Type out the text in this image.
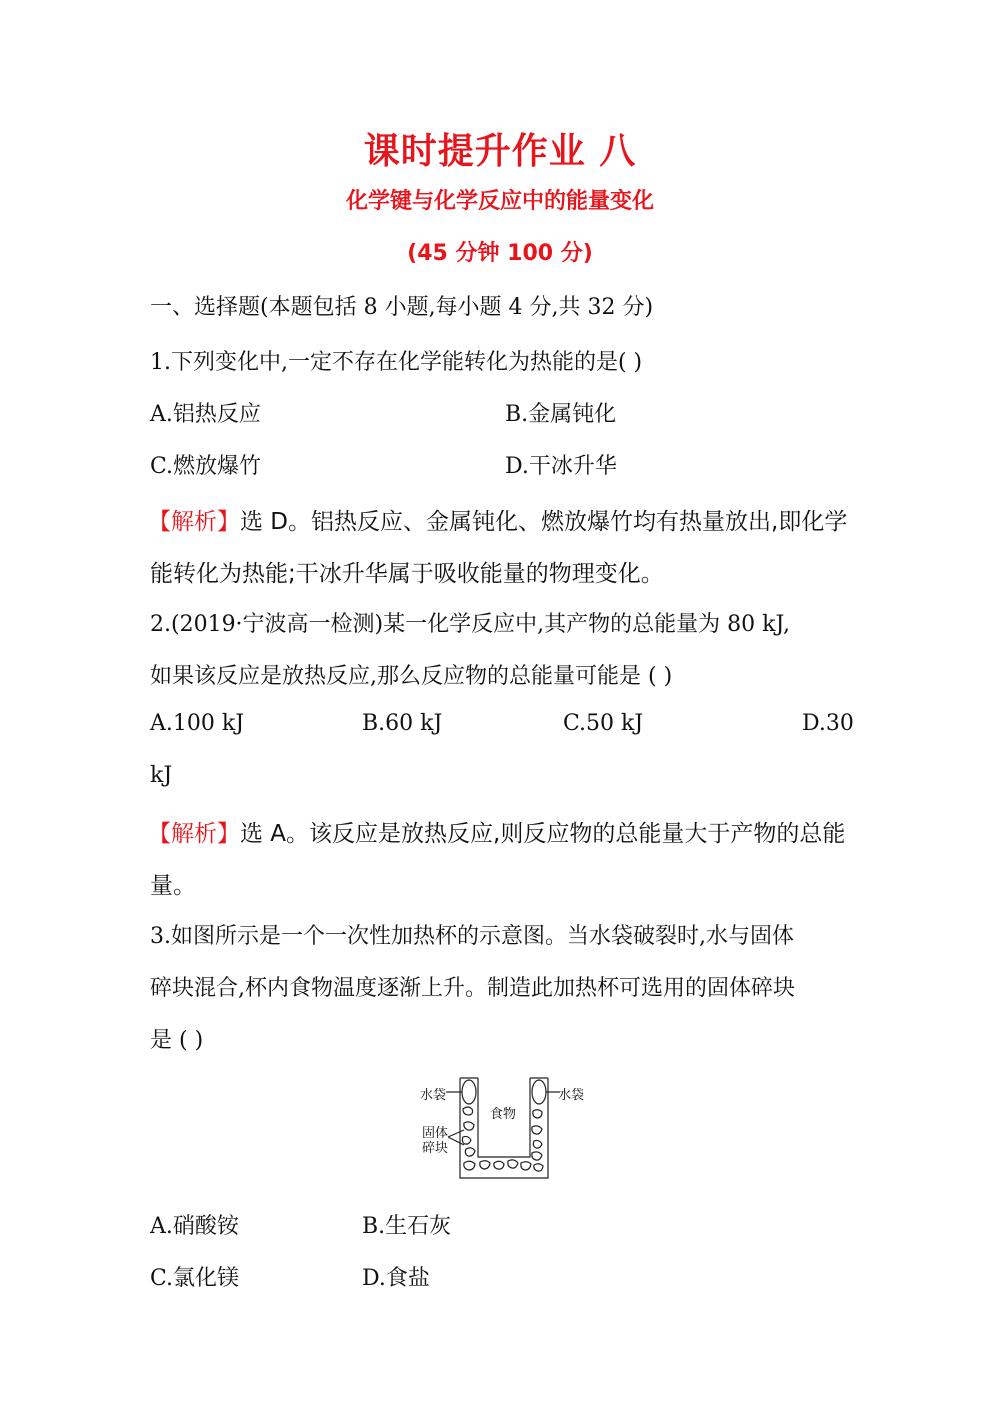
课时提升作业 八
化学键与化学反应中的能量变化
(45 分钟 100 分)
一、选择题(本题包括 8 小题,每小题 4 分,共 32 分)
1.下列变化中,一定不存在化学能转化为热能的是( )
A.铝热反应	B.金属钝化
C.燃放爆竹	D.干冰升华
【解析】选 D。铝热反应、金属钝化、燃放爆竹均有热量放出,即化学
能转化为热能;干冰升华属于吸收能量的物理变化。
2.(2019·宁波高一检测)某一化学反应中,其产物的总能量为 80 kJ,
如果该反应是放热反应,那么反应物的总能量可能是 ( )
A.100 kJ	B.60 kJ	C.50 kJ	D.30
kJ
【解析】选 A。该反应是放热反应,则反应物的总能量大于产物的总能
量。
3.如图所示是一个一次性加热杯的示意图。当水袋破裂时,水与固体
碎块混合,杯内食物温度逐渐上升。制造此加热杯可选用的固体碎块
是 ( )
水袋	水袋
食物
固体
碎块
A.硝酸铵	B.生石灰
C.氯化镁	D.食盐
